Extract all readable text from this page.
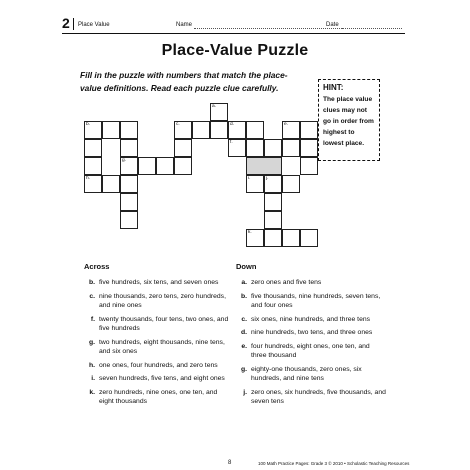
2 Place Value	Name	Date
Place-Value Puzzle
Fill in the puzzle with numbers that match the place-value definitions. Read each puzzle clue carefully.	HINT:
The place value clues may not go in order from highest to lowest place.
a.
b.	c.	d.	e.
f.
g.
h.	i.	j.
k.
Across
b. five hundreds, six tens, and seven ones
c. nine thousands, zero tens, zero hundreds, and nine ones
f. twenty thousands, four tens, two ones, and five hundreds
g. two hundreds, eight thousands, nine tens, and six ones
h. one ones, four hundreds, and zero tens
i. seven hundreds, five tens, and eight ones
k. zero hundreds, nine ones, one ten, and eight thousands
Down
a. zero ones and five tens
b. five thousands, nine hundreds, seven tens, and four ones
c. six ones, nine hundreds, and three tens
d. nine hundreds, two tens, and three ones
e. four hundreds, eight ones, one ten, and three thousand
g. eighty-one thousands, zero ones, six hundreds, and nine tens
j. zero ones, six hundreds, five thousands, and seven tens
8	100 Math Practice Pages: Grade 3 © 2010 • Scholastic Teaching Resources
